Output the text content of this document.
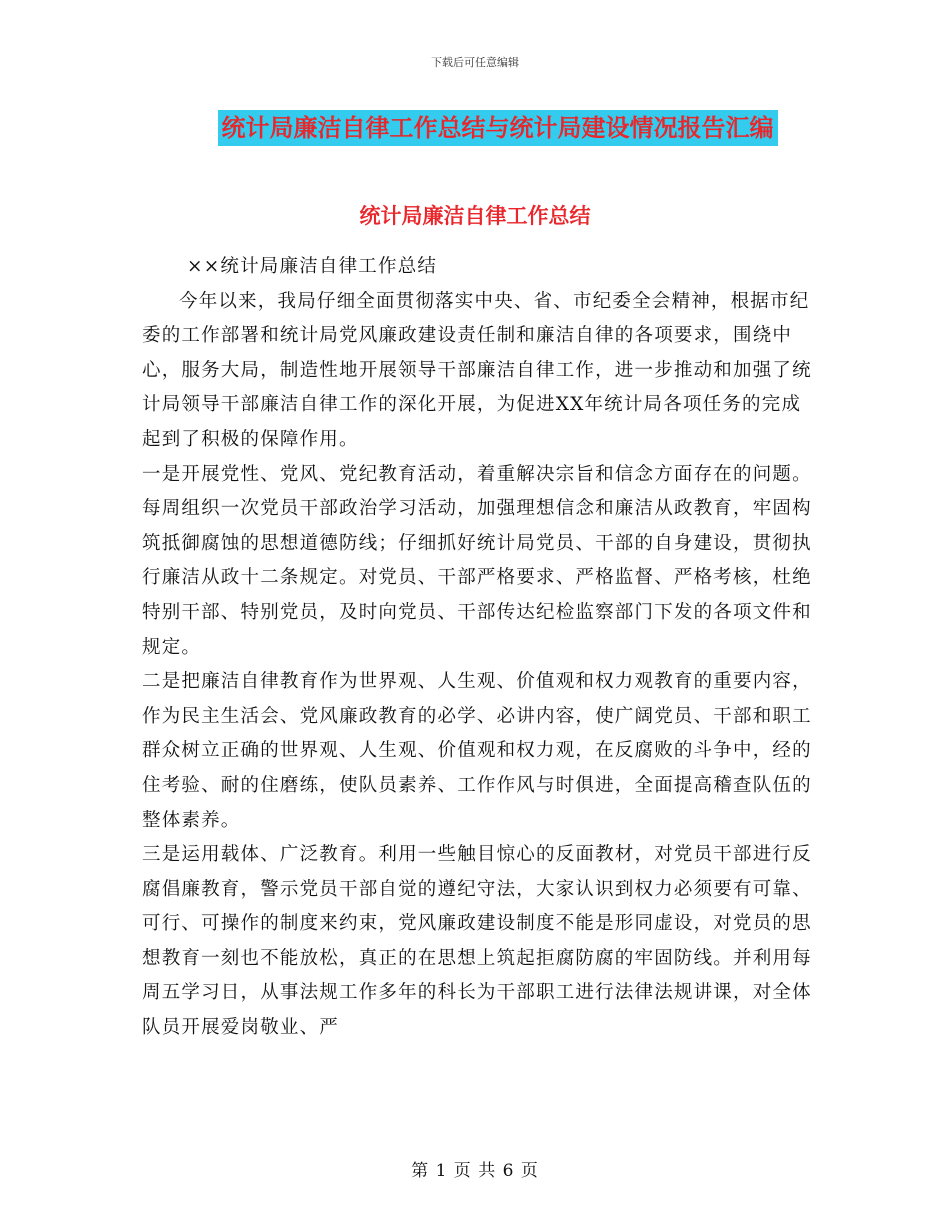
下载后可任意编辑
统计局廉洁自律工作总结与统计局建设情况报告汇编
统计局廉洁自律工作总结

××统计局廉洁自律工作总结

今年以来，我局仔细全面贯彻落实中央、省、市纪委全会精神，根据市纪委的工作部署和统计局党风廉政建设责任制和廉洁自律的各项要求，围绕中心，服务大局，制造性地开展领导干部廉洁自律工作，进一步推动和加强了统计局领导干部廉洁自律工作的深化开展，为促进XX年统计局各项任务的完成起到了积极的保障作用。

一是开展党性、党风、党纪教育活动，着重解决宗旨和信念方面存在的问题。每周组织一次党员干部政治学习活动，加强理想信念和廉洁从政教育，牢固构筑抵御腐蚀的思想道德防线；仔细抓好统计局党员、干部的自身建设，贯彻执行廉洁从政十二条规定。对党员、干部严格要求、严格监督、严格考核，杜绝特别干部、特别党员，及时向党员、干部传达纪检监察部门下发的各项文件和规定。

二是把廉洁自律教育作为世界观、人生观、价值观和权力观教育的重要内容，作为民主生活会、党风廉政教育的必学、必讲内容，使广阔党员、干部和职工群众树立正确的世界观、人生观、价值观和权力观，在反腐败的斗争中，经的住考验、耐的住磨练，使队员素养、工作作风与时俱进，全面提高稽查队伍的整体素养。

三是运用载体、广泛教育。利用一些触目惊心的反面教材，对党员干部进行反腐倡廉教育，警示党员干部自觉的遵纪守法，大家认识到权力必须要有可靠、可行、可操作的制度来约束，党风廉政建设制度不能是形同虚设，对党员的思想教育一刻也不能放松，真正的在思想上筑起拒腐防腐的牢固防线。并利用每周五学习日，从事法规工作多年的科长为干部职工进行法律法规讲课，对全体队员开展爱岗敬业、严

第 1 页 共 6 页
